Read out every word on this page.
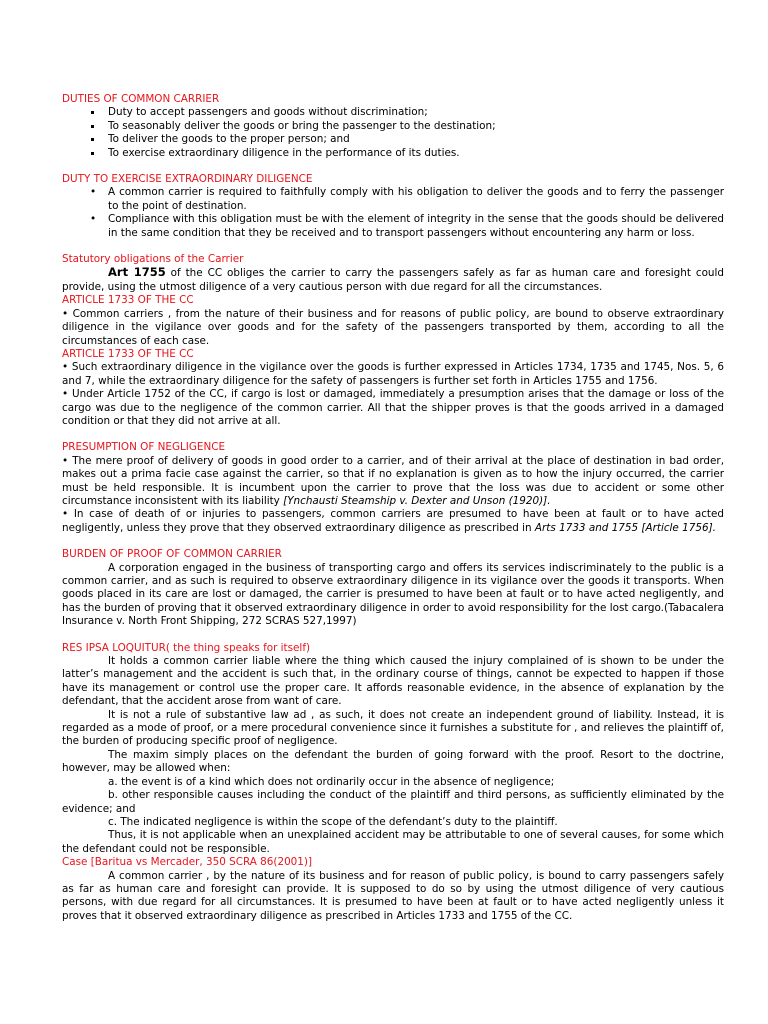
DUTIES OF COMMON CARRIER
Duty to accept passengers and goods without discrimination;
To seasonably deliver the goods or bring the passenger to the destination;
To deliver the goods to the proper person; and
To exercise extraordinary diligence in the performance of its duties.
DUTY TO EXERCISE EXTRAORDINARY DILIGENCE
• A common carrier is required to faithfully comply with his obligation to deliver the goods and to ferry the passenger to the point of destination.
• Compliance with this obligation must be with the element of integrity in the sense that the goods should be delivered in the same condition that they be received and to transport passengers without encountering any harm or loss.
Statutory obligations of the Carrier

Art 1755 of the CC obliges the carrier to carry the passengers safely as far as human care and foresight could provide, using the utmost diligence of a very cautious person with due regard for all the circumstances.

ARTICLE 1733 OF THE CC

• Common carriers , from the nature of their business and for reasons of public policy, are bound to observe extraordinary diligence in the vigilance over goods and for the safety of the passengers transported by them, according to all the circumstances of each case.

ARTICLE 1733 OF THE CC

• Such extraordinary diligence in the vigilance over the goods is further expressed in Articles 1734, 1735 and 1745, Nos. 5, 6 and 7, while the extraordinary diligence for the safety of passengers is further set forth in Articles 1755 and 1756.

• Under Article 1752 of the CC, if cargo is lost or damaged, immediately a presumption arises that the damage or loss of the cargo was due to the negligence of the common carrier. All that the shipper proves is that the goods arrived in a damaged condition or that they did not arrive at all.

PRESUMPTION OF NEGLIGENCE

• The mere proof of delivery of goods in good order to a carrier, and of their arrival at the place of destination in bad order, makes out a prima facie case against the carrier, so that if no explanation is given as to how the injury occurred, the carrier must be held responsible. It is incumbent upon the carrier to prove that the loss was due to accident or some other circumstance inconsistent with its liability [Ynchausti Steamship v. Dexter and Unson (1920)].

• In case of death of or injuries to passengers, common carriers are presumed to have been at fault or to have acted negligently, unless they prove that they observed extraordinary diligence as prescribed in Arts 1733 and 1755 [Article 1756].

BURDEN OF PROOF OF COMMON CARRIER

A corporation engaged in the business of transporting cargo and offers its services indiscriminately to the public is a common carrier, and as such is required to observe extraordinary diligence in its vigilance over the goods it transports. When goods placed in its care are lost or damaged, the carrier is presumed to have been at fault or to have acted negligently, and has the burden of proving that it observed extraordinary diligence in order to avoid responsibility for the lost cargo.(Tabacalera Insurance v. North Front Shipping, 272 SCRAS 527,1997)

RES IPSA LOQUITUR( the thing speaks for itself)

It holds a common carrier liable where the thing which caused the injury complained of is shown to be under the latter’s management and the accident is such that, in the ordinary course of things, cannot be expected to happen if those have its management or control use the proper care. It affords reasonable evidence, in the absence of explanation by the defendant, that the accident arose from want of care.

It is not a rule of substantive law ad , as such, it does not create an independent ground of liability. Instead, it is regarded as a mode of proof, or a mere procedural convenience since it furnishes a substitute for , and relieves the plaintiff of, the burden of producing specific proof of negligence.

The maxim simply places on the defendant the burden of going forward with the proof. Resort to the doctrine, however, may be allowed when:

a. the event is of a kind which does not ordinarily occur in the absence of negligence;

b. other responsible causes including the conduct of the plaintiff and third persons, as sufficiently eliminated by the evidence; and

c. The indicated negligence is within the scope of the defendant’s duty to the plaintiff.

Thus, it is not applicable when an unexplained accident may be attributable to one of several causes, for some which the defendant could not be responsible.

Case [Baritua vs Mercader, 350 SCRA 86(2001)]

A common carrier , by the nature of its business and for reason of public policy, is bound to carry passengers safely as far as human care and foresight can provide. It is supposed to do so by using the utmost diligence of very cautious persons, with due regard for all circumstances. It is presumed to have been at fault or to have acted negligently unless it proves that it observed extraordinary diligence as prescribed in Articles 1733 and 1755 of the CC.
